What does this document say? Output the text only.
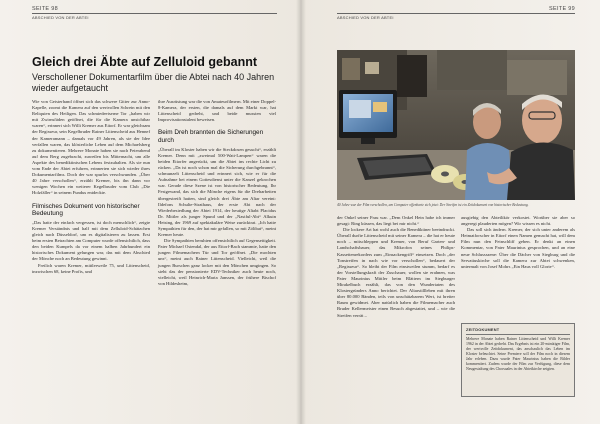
SEITE 98
ABSCHIED VON DER ABTEI
SEITE 99
ABSCHIED VON DER ABTEI
Gleich drei Äbte auf Zelluloid gebannt
Verschollener Dokumentarfilm über die Abtei nach 40 Jahren wieder aufgetaucht

Wie von Geisterhand öffnet sich das schwere Gitter zur Anno-Kapelle, zoomt die Kamera auf den wertvollen Schrein mit den Reliquien des Heiligen. Das schmiedeeiserne Tor „haben wir mit Zwirnsfäden geöffnet, die für die Kamera unsichtbar waren“, erinnert sich Willi Kremer aus Eitorf. Er war gleichsam der Regisseur, sein Kegelbruder Rainer Littenscheid aus Hennef der Kameramann – damals vor 49 Jahren, als sie der Idee verfallen waren, das klösterliche Leben auf dem Michaelsberg zu dokumentieren. Mehrere Monate haben sie nach Feierabend auf dem Berg zugebracht, zuweilen bis Mitternacht, um alle Aspekte des benediktinischen Lebens festzuhalten. Als sie nun vom Ende der Abtei erfuhren, erinnerten sie sich wieder ihres Dokumentarfilms. Doch der war spurlos verschwunden. „Über 40 Jahre verschollen“, erzählt Kremer, bis ihn dann vor wenigen Wochen ein weiterer Kegelbruder vom Club „Die Holzfäller“ in seinem Fundus entdeckte.

Filmisches Dokument von historischer Bedeutung

„Das hatte der einfach vergessen, ist doch menschlich“, zeigte Kremer Verständnis und half mit dem Zelluloid-Schätzchen gleich nach Düsseldorf, um es digitalisieren zu lassen. Erst beim ersten Betrachten am Computer wurde offensichtlich, dass den beiden Kumpels da vor einem halben Jahrhundert ein historisches Dokument gelungen war, das mit dem Abschied der Mönche noch an Bedeutung gewinnt.

Freilich waren Kremer, mittlerweile 75, und Littenscheid, inzwischen 68, keine Profis, und

ihre Ausrüstung war die von Amateurfilmern. Mit einer Doppel-8-Kamera, der ersten, die damals auf dem Markt war, hat Littenscheid gedreht, und beide mussten viel Improvisationstalent beweisen.

Beim Dreh brannten die Sicherungen durch

„Überall im Kloster haben wir die Steckdosen gesucht“, erzählt Kremer. Denn mit „zweimal 500-Watt-Lampen“ waren die beiden Eitorfer angerückt, um die Abtei ins rechte Licht zu rücken. „Da ist noch schon mal die Sicherung durchgebrannt“, schmunzelt Littenscheid und erinnert sich, wie er für die Aufnahme bei einem Gottesdienst unter die Kanzel gekrochen war. Gerade diese Szene ist von historischer Bedeutung. Ihr Festgewand, das sich die Mönche eigens für die Dreharbeiten übergestreift hatten, sind gleich drei Äbte am Altar vereint: Ildefons Schulte-Strathaus, der erste Abt nach der Wiederbesiedlung der Abtei 1914, der heutige Altabt Placidus Dr. Mittler als junger Spund und der „Nastful-Abt“ Alkuin Heising, der 1969 auf spektakuläre Weise zurücktrat. „Ich hatte Sympathien für den, der hat mir gefallen, so mit Zölibat“, meint Kremer heute.

Die Sympathien beruhten offensichtlich auf Gegenseitigkeit. Pater Michael Ostendal, der aus Eitorf-Bach stammte, hatte den jungen Filmemachern Tür und Tor geöffnet. „Die mochten uns“, meint auch Rainer Littenscheid. Vielleicht, weil die jungen Burschen ganz locker mit den Mönchen umgingen. So sieht das der pensionierte EDV-Techniker auch heute noch, vielleicht, weil Heinrich-Maria Janssen, der frühere Bischof von Hildesheim,

40 Jahre war der Film verschollen, am Computer offenbarte sich jetzt: Der Streifen ist ein Zeitdokument von historischer Bedeutung.

der Onkel seiner Frau war. „Dem Onkel Hein habe ich immer gesagt: Ring küssen, das liegt bei mir nicht.“

Die lockere Art hat wohl auch die Benediktiner beeindruckt. Überall durfte Littenscheid mit seiner Kamera – die hat er heute noch – mitschleppen und Kremer, von Beruf Garten- und Landschaftsbauer, das Mikrofon seines Philips-Kassettenrekorders zum „Einsackengriff“ einsetzen. Doch „der Tonstreifen in nach wie vor verschollen“, bedauert der „Regisseur“. So bleibt der Film einstweilen stumm, bedarf es der Vorstellungskraft der Zuschauer, wollen sie erahnen, was Pater Maurinius Mittler beim Blättern im Siegburger Mirakelbuch erzählt, das von den Wundertaten des Klostergründers Anno berichtet. Der Altarstillleben mit ihren über 80.000 Bänden, teils von unschätzbarem Wert, ist breiter Raum gewidmet. Aber natürlich haben die Filmemacher auch Bruder Kellermeister einen Besuch abgestattet, und – wie die Streifen verrät –

ausgiebig den Abteilikör verkostet. Worüber sie aber so angeregt plauderten mögen? Wir wissen es nicht.

Das soll sich ändern. Kremer, der sich unter anderem als Heimatforscher in Eitorf einen Namen gemacht hat, will dem Film nun den Feinschliff geben. Er denkt an einen Kommentar, von Pater Maurinius gesprochen, und an eine neue Schlussszene: Über die Dächer von Siegburg und die Servatiuskirche soll die Kamera zur Abtei schwenken, untermalt von Josef Mohrs „Ein Haus voll Glorie“.

ZEITDOKUMENT
Mehrere Monate haben Rainer Littenscheid und Willi Kremer 1962 in der Abtei gedreht. Das Ergebnis ist ein 20-minütiger Film, der wertvolle Zeitdokument, das anschaulich das Leben im Kloster beleuchtet. Seine Premiere soll der Film noch in diesem Jahr erleben. Dazu wurde Pater Maurinius haben die Bilder kommentiert. Zudem wurde der Film zur Verfügung, diese dem Neugestaltung des Chorsaales in der Abteikirche zeigten.
